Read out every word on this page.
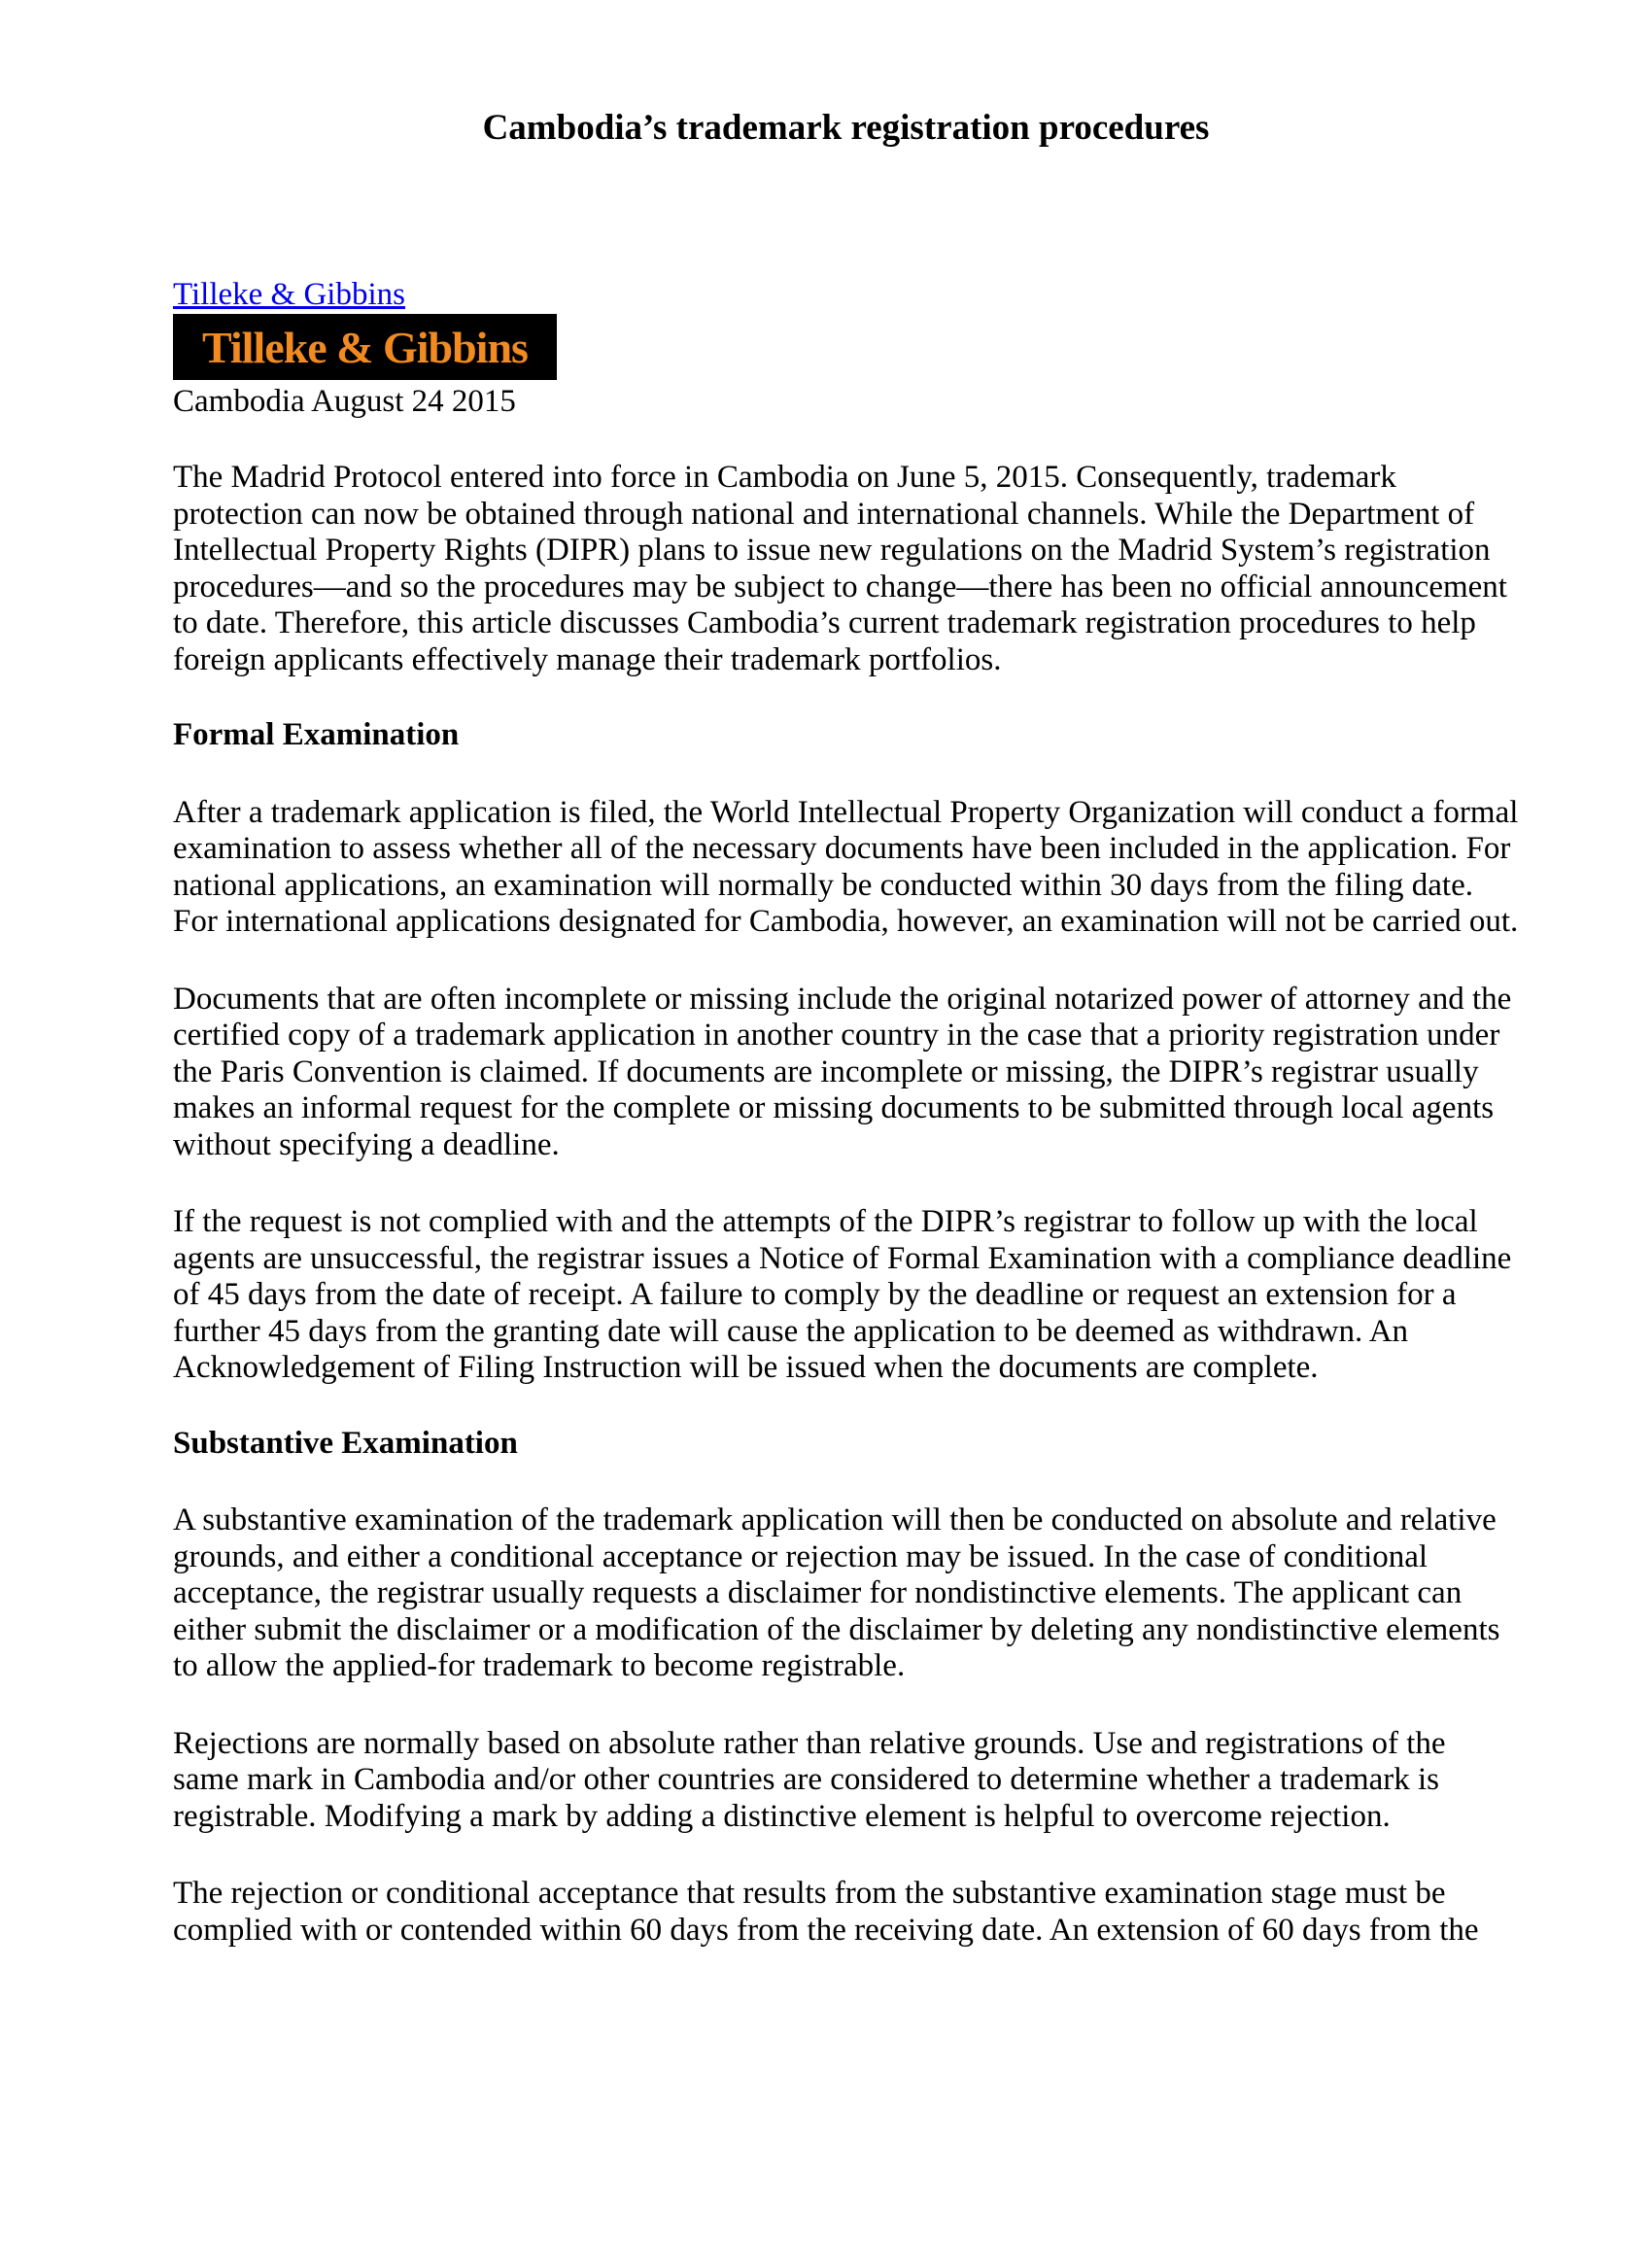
Cambodia’s trademark registration procedures
Tilleke & Gibbins
Tilleke & Gibbins
Cambodia August 24 2015

The Madrid Protocol entered into force in Cambodia on June 5, 2015. Consequently, trademark protection can now be obtained through national and international channels. While the Department of Intellectual Property Rights (DIPR) plans to issue new regulations on the Madrid System’s registration procedures—and so the procedures may be subject to change—there has been no official announcement to date. Therefore, this article discusses Cambodia’s current trademark registration procedures to help foreign applicants effectively manage their trademark portfolios.

Formal Examination

After a trademark application is filed, the World Intellectual Property Organization will conduct a formal examination to assess whether all of the necessary documents have been included in the application. For national applications, an examination will normally be conducted within 30 days from the filing date. For international applications designated for Cambodia, however, an examination will not be carried out.

Documents that are often incomplete or missing include the original notarized power of attorney and the certified copy of a trademark application in another country in the case that a priority registration under the Paris Convention is claimed. If documents are incomplete or missing, the DIPR’s registrar usually makes an informal request for the complete or missing documents to be submitted through local agents without specifying a deadline.

If the request is not complied with and the attempts of the DIPR’s registrar to follow up with the local agents are unsuccessful, the registrar issues a Notice of Formal Examination with a compliance deadline of 45 days from the date of receipt. A failure to comply by the deadline or request an extension for a further 45 days from the granting date will cause the application to be deemed as withdrawn. An Acknowledgement of Filing Instruction will be issued when the documents are complete.

Substantive Examination

A substantive examination of the trademark application will then be conducted on absolute and relative grounds, and either a conditional acceptance or rejection may be issued. In the case of conditional acceptance, the registrar usually requests a disclaimer for nondistinctive elements. The applicant can either submit the disclaimer or a modification of the disclaimer by deleting any nondistinctive elements to allow the applied-for trademark to become registrable.

Rejections are normally based on absolute rather than relative grounds. Use and registrations of the same mark in Cambodia and/or other countries are considered to determine whether a trademark is registrable. Modifying a mark by adding a distinctive element is helpful to overcome rejection.

The rejection or conditional acceptance that results from the substantive examination stage must be complied with or contended within 60 days from the receiving date. An extension of 60 days from the
